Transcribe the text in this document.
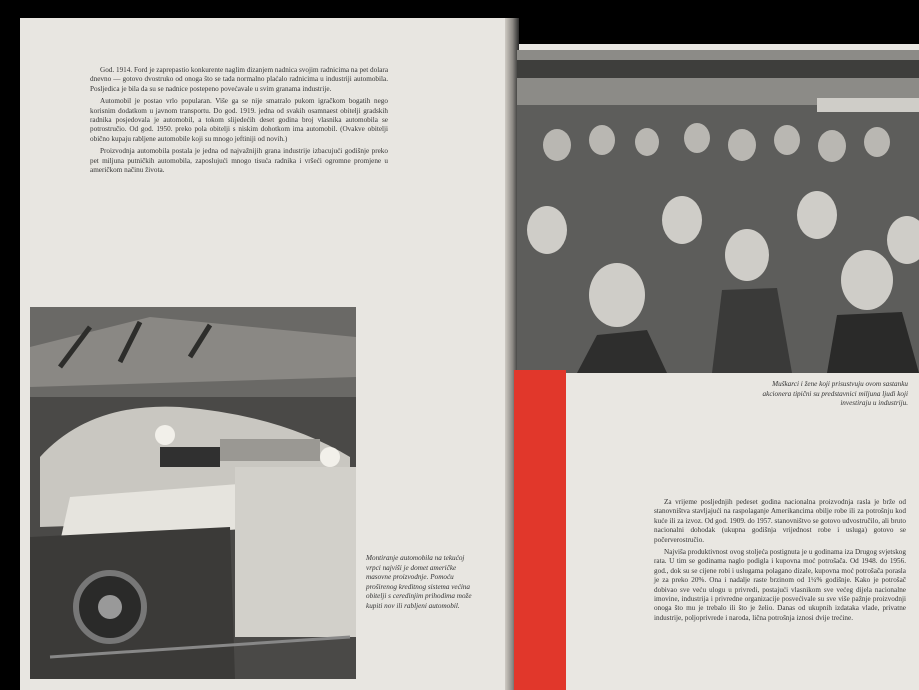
God. 1914. Ford je zaprepastio konkurente naglim dizanjem nadnica svojim radnicima na pet dolara dnevno — gotovo dvostruko od onoga što se tada normalno plaćalo radnicima u industriji automobila. Posljedica je bila da su se nadnice postepeno povećavale u svim granama industrije.

Automobil je postao vrlo popularan. Više ga se nije smatralo pukom igračkom bogatih nego korisnim dodatkom u javnom transportu. Do god. 1919. jedna od svakih osamnaest obitelji gradskih radnika posjedovala je automobil, a tokom slijedećih deset godina broj vlasnika automobila se potrostručio. Od god. 1950. preko pola obitelji s niskim dohotkom ima automobil. (Ovakve obitelji obično kupaju rabljene automobile koji su mnogo jeftiniji od novih.)

Proizvodnja automobila postala je jedna od najvažnijih grana industrije izbacujući godišnje preko pet miljuna putničkih automobila, zaposlujući mnogo tisuća radnika i vršeći ogromne promjene u američkom načinu života.

Montiranje automobila na tekućoj vrpci najviši je domet američke masovne proizvodnje. Pomoću proširenog kreditnog sistema većina obitelji s ceredinjim prihodima može kupiti nov ili rabljeni automobil.

Muškarci i žene koji prisustvuju ovom sastanku akcionera tipični su predstavnici miljuna ljudi koji investiraju u industriju.

Za vrijeme posljednjih pedeset godina nacionalna proizvodnja rasla je brže od stanovništva stavljajući na raspolaganje Amerikancima obilje robe ili za potrošnju kod kuće ili za izvoz. Od god. 1909. do 1957. stanovništvo se gotovo udvostručilo, ali bruto nacionalni dohodak (ukupna godišnja vrijednost robe i usluga) gotovo se počerverostručio.

Najviša produktivnost ovog stoljeća postignuta je u godinama iza Drugog svjetskog rata. U tim se godinama naglo podigla i kupovna moć potrošača. Od 1948. do 1956. god., dok su se cijene robi i uslugama polagano dizale, kupovna moć potrošača porasla je za preko 20%. Ona i nadalje raste brzinom od 1¼% godišnje. Kako je potrošač dobivao sve veću ulogu u privredi, postajući vlasnikom sve većeg dijela nacionalne imovine, industrija i privredne organizacije posvećivale su sve više pažnje proizvodnji onoga što mu je trebalo ili što je želio. Danas od ukupnih izdataka vlade, privatne industrije, poljoprivrede i naroda, lična potrošnja iznosi dvije trećine.
